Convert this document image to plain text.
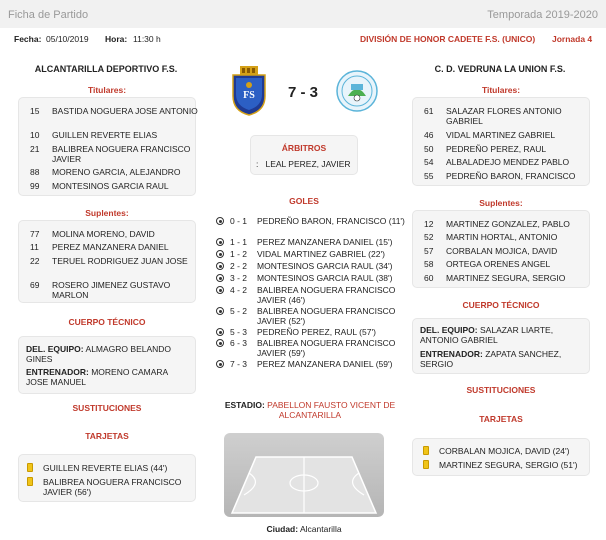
Ficha de Partido	Temporada 2019-2020
Fecha: 05/10/2019 Hora: 11:30 h	DIVISIÓN DE HONOR CADETE F.S. (UNICO) Jornada 4
ALCANTARILLA DEPORTIVO F.S.	C. D. VEDRUNA LA UNION F.S.
FS	7 - 3
Titulares:
15	BASTIDA NOGUERA JOSE ANTONIO
10	GUILLEN REVERTE ELIAS
21	BALIBREA NOGUERA FRANCISCO JAVIER
88	MORENO GARCIA, ALEJANDRO
99	MONTESINOS GARCIA RAUL
Suplentes:
77	MOLINA MORENO, DAVID
11	PEREZ MANZANERA DANIEL
22	TERUEL RODRIGUEZ JUAN JOSE
69	ROSERO JIMENEZ GUSTAVO MARLON
CUERPO TÉCNICO
DEL. EQUIPO: ALMAGRO BELANDO GINES
ENTRENADOR: MORENO CAMARA JOSE MANUEL
SUSTITUCIONES
TARJETAS
GUILLEN REVERTE ELIAS (44')
BALIBREA NOGUERA FRANCISCO JAVIER (56')
ÁRBITROS
: LEAL PEREZ, JAVIER
GOLES
0 - 1	PEDREÑO BARON, FRANCISCO (11')
1 - 1	PEREZ MANZANERA DANIEL (15')
1 - 2	VIDAL MARTINEZ GABRIEL (22')
2 - 2	MONTESINOS GARCIA RAUL (34')
3 - 2	MONTESINOS GARCIA RAUL (38')
4 - 2	BALIBREA NOGUERA FRANCISCO JAVIER (46')
5 - 2	BALIBREA NOGUERA FRANCISCO JAVIER (52')
5 - 3	PEDREÑO PEREZ, RAUL (57')
6 - 3	BALIBREA NOGUERA FRANCISCO JAVIER (59')
7 - 3	PEREZ MANZANERA DANIEL (59')
ESTADIO: PABELLON FAUSTO VICENT DE ALCANTARILLA
Ciudad: Alcantarilla
Titulares:
61	SALAZAR FLORES ANTONIO GABRIEL
46	VIDAL MARTINEZ GABRIEL
50	PEDREÑO PEREZ, RAUL
54	ALBALADEJO MENDEZ PABLO
55	PEDREÑO BARON, FRANCISCO
Suplentes:
12	MARTINEZ GONZALEZ, PABLO
52	MARTIN HORTAL, ANTONIO
57	CORBALAN MOJICA, DAVID
58	ORTEGA ORENES ANGEL
60	MARTINEZ SEGURA, SERGIO
CUERPO TÉCNICO
DEL. EQUIPO: SALAZAR LIARTE, ANTONIO GABRIEL
ENTRENADOR: ZAPATA SANCHEZ, SERGIO
SUSTITUCIONES
TARJETAS
CORBALAN MOJICA, DAVID (24')
MARTINEZ SEGURA, SERGIO (51')
